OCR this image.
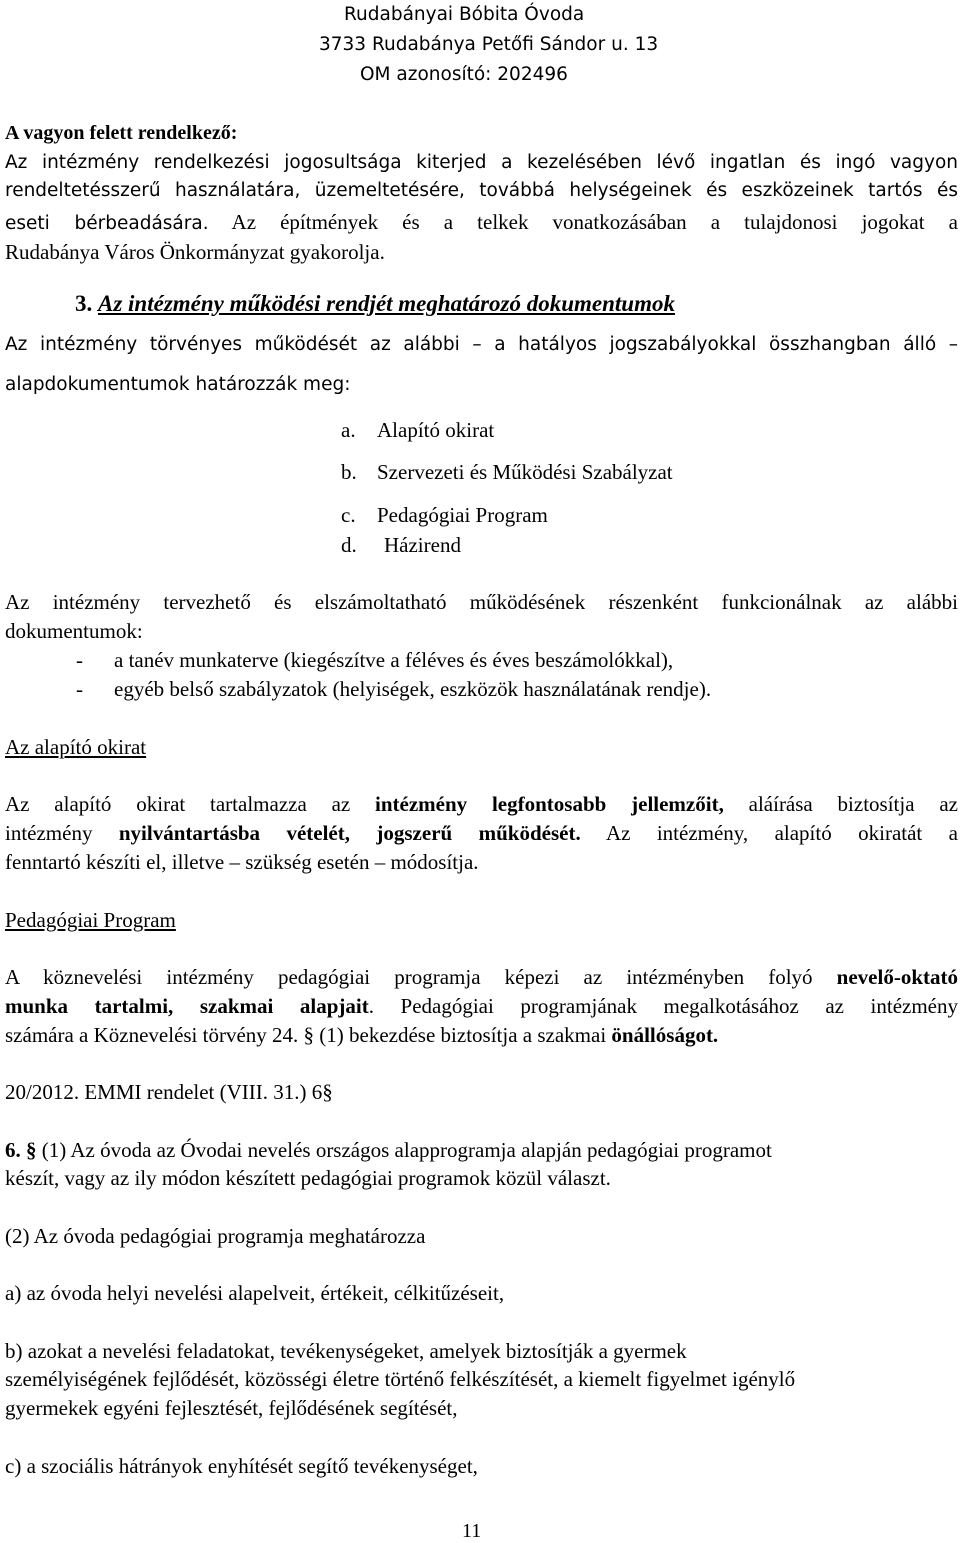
Rudabányai Bóbita Óvoda
3733 Rudabánya Petőfi Sándor u. 13
OM azonosító: 202496
A vagyon felett rendelkező:
Az intézmény rendelkezési jogosultsága kiterjed a kezelésében lévő ingatlan és ingó vagyon
rendeltetésszerű használatára, üzemeltetésére, továbbá helységeinek és eszközeinek tartós és
eseti bérbeadására. Az építmények és a telkek vonatkozásában a tulajdonosi jogokat a
Rudabánya Város Önkormányzat gyakorolja.
3. Az intézmény működési rendjét meghatározó dokumentumok
Az intézmény törvényes működését az alábbi – a hatályos jogszabályokkal összhangban álló –
alapdokumentumok határozzák meg:
a. Alapító okirat
b. Szervezeti és Működési Szabályzat
c. Pedagógiai Program
d. Házirend
Az intézmény tervezhető és elszámoltatható működésének részenként funkcionálnak az alábbi
dokumentumok:
- a tanév munkaterve (kiegészítve a féléves és éves beszámolókkal),
- egyéb belső szabályzatok (helyiségek, eszközök használatának rendje).
Az alapító okirat
Az alapító okirat tartalmazza az intézmény legfontosabb jellemzőit, aláírása biztosítja az
intézmény nyilvántartásba vételét, jogszerű működését. Az intézmény, alapító okiratát a
fenntartó készíti el, illetve – szükség esetén – módosítja.
Pedagógiai Program
A köznevelési intézmény pedagógiai programja képezi az intézményben folyó nevelő-oktató
munka tartalmi, szakmai alapjait. Pedagógiai programjának megalkotásához az intézmény
számára a Köznevelési törvény 24. § (1) bekezdése biztosítja a szakmai önállóságot.
20/2012. EMMI rendelet (VIII. 31.) 6§
6. § (1) Az óvoda az Óvodai nevelés országos alapprogramja alapján pedagógiai programot
készít, vagy az ily módon készített pedagógiai programok közül választ.
(2) Az óvoda pedagógiai programja meghatározza
a) az óvoda helyi nevelési alapelveit, értékeit, célkitűzéseit,
b) azokat a nevelési feladatokat, tevékenységeket, amelyek biztosítják a gyermek
személyiségének fejlődését, közösségi életre történő felkészítését, a kiemelt figyelmet igénylő
gyermekek egyéni fejlesztését, fejlődésének segítését,
c) a szociális hátrányok enyhítését segítő tevékenységet,
11
